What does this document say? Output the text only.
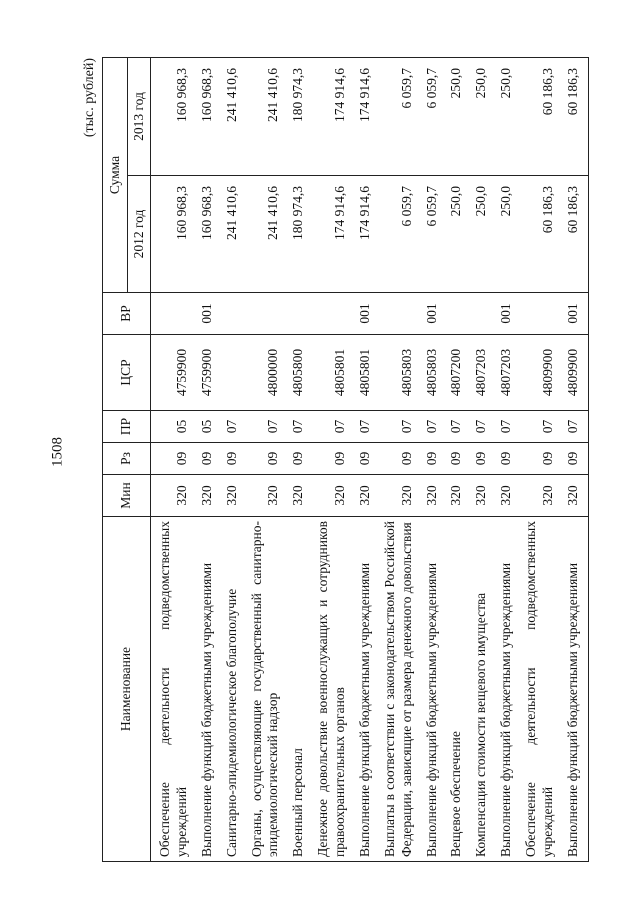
1508
(тыс. рублей)
Наименование	Мин	Рз	ПР	ЦСР	ВР	Сумма	
						2012 год	2013 год
Обеспечение деятельности подведомственных учреждений	320	09	05	4759900		160 968,3	160 968,3
Выполнение функций бюджетными учреждениями	320	09	05	4759900	001	160 968,3	160 968,3
Санитарно-эпидемиологическое благополучие	320	09	07			241 410,6	241 410,6
Органы, осуществляющие государственный санитарно-эпидемиологический надзор	320	09	07	4800000		241 410,6	241 410,6
Военный персонал	320	09	07	4805800		180 974,3	180 974,3
Денежное довольствие военнослужащих и сотрудников правоохранительных органов	320	09	07	4805801		174 914,6	174 914,6
Выполнение функций бюджетными учреждениями	320	09	07	4805801	001	174 914,6	174 914,6
Выплаты в соответствии с законодательством Российской Федерации, зависящие от размера денежного довольствия	320	09	07	4805803		6 059,7	6 059,7
Выполнение функций бюджетными учреждениями	320	09	07	4805803	001	6 059,7	6 059,7
Вещевое обеспечение	320	09	07	4807200		250,0	250,0
Компенсация стоимости вещевого имущества	320	09	07	4807203		250,0	250,0
Выполнение функций бюджетными учреждениями	320	09	07	4807203	001	250,0	250,0
Обеспечение деятельности подведомственных учреждений	320	09	07	4809900		60 186,3	60 186,3
Выполнение функций бюджетными учреждениями	320	09	07	4809900	001	60 186,3	60 186,3
